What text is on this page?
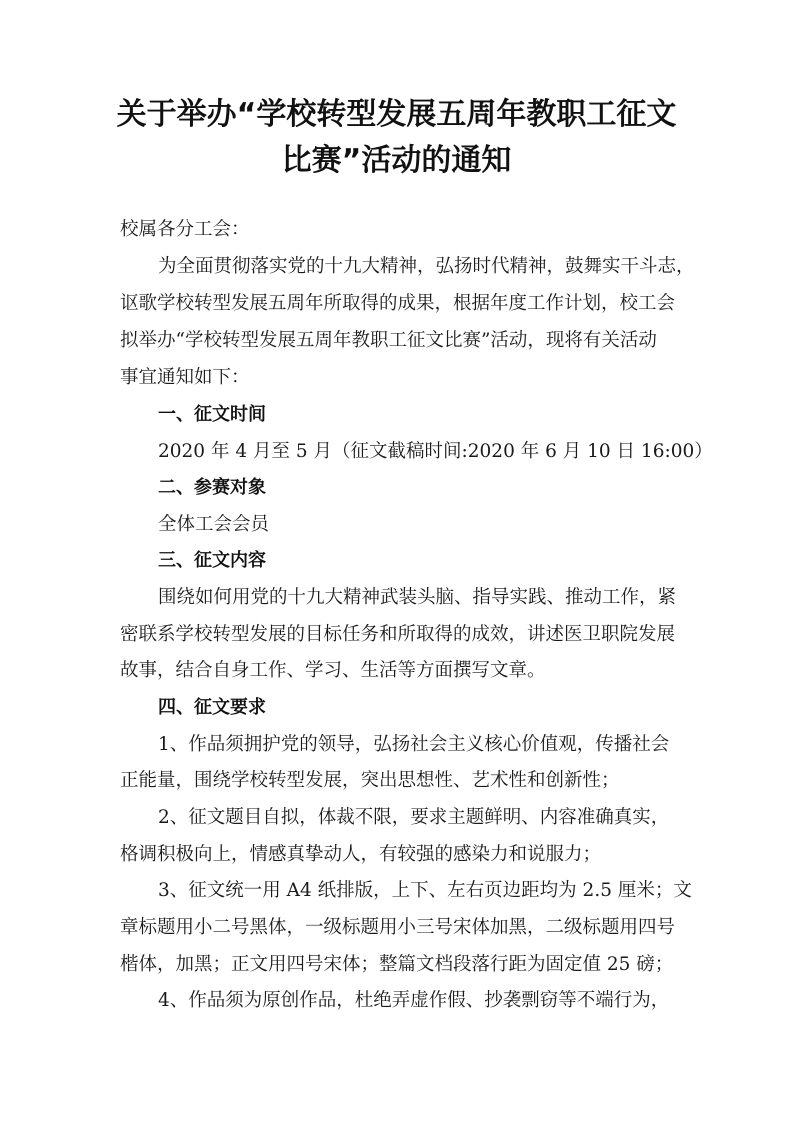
关于举办“学校转型发展五周年教职工征文
比赛”活动的通知
校属各分工会：
为全面贯彻落实党的十九大精神，弘扬时代精神，鼓舞实干斗志，
讴歌学校转型发展五周年所取得的成果，根据年度工作计划，校工会
拟举办“学校转型发展五周年教职工征文比赛”活动，现将有关活动
事宜通知如下：
一、征文时间
2020 年 4 月至 5 月（征文截稿时间:2020 年 6 月 10 日 16:00）
二、参赛对象
全体工会会员
三、征文内容
围绕如何用党的十九大精神武装头脑、指导实践、推动工作，紧
密联系学校转型发展的目标任务和所取得的成效，讲述医卫职院发展
故事，结合自身工作、学习、生活等方面撰写文章。
四、征文要求
1、作品须拥护党的领导，弘扬社会主义核心价值观，传播社会
正能量，围绕学校转型发展，突出思想性、艺术性和创新性；
2、征文题目自拟，体裁不限，要求主题鲜明、内容准确真实，
格调积极向上，情感真挚动人，有较强的感染力和说服力；
3、征文统一用 A4 纸排版，上下、左右页边距均为 2.5 厘米；文
章标题用小二号黑体，一级标题用小三号宋体加黑，二级标题用四号
楷体，加黑；正文用四号宋体；整篇文档段落行距为固定值 25 磅；
4、作品须为原创作品，杜绝弄虚作假、抄袭剽窃等不端行为，
